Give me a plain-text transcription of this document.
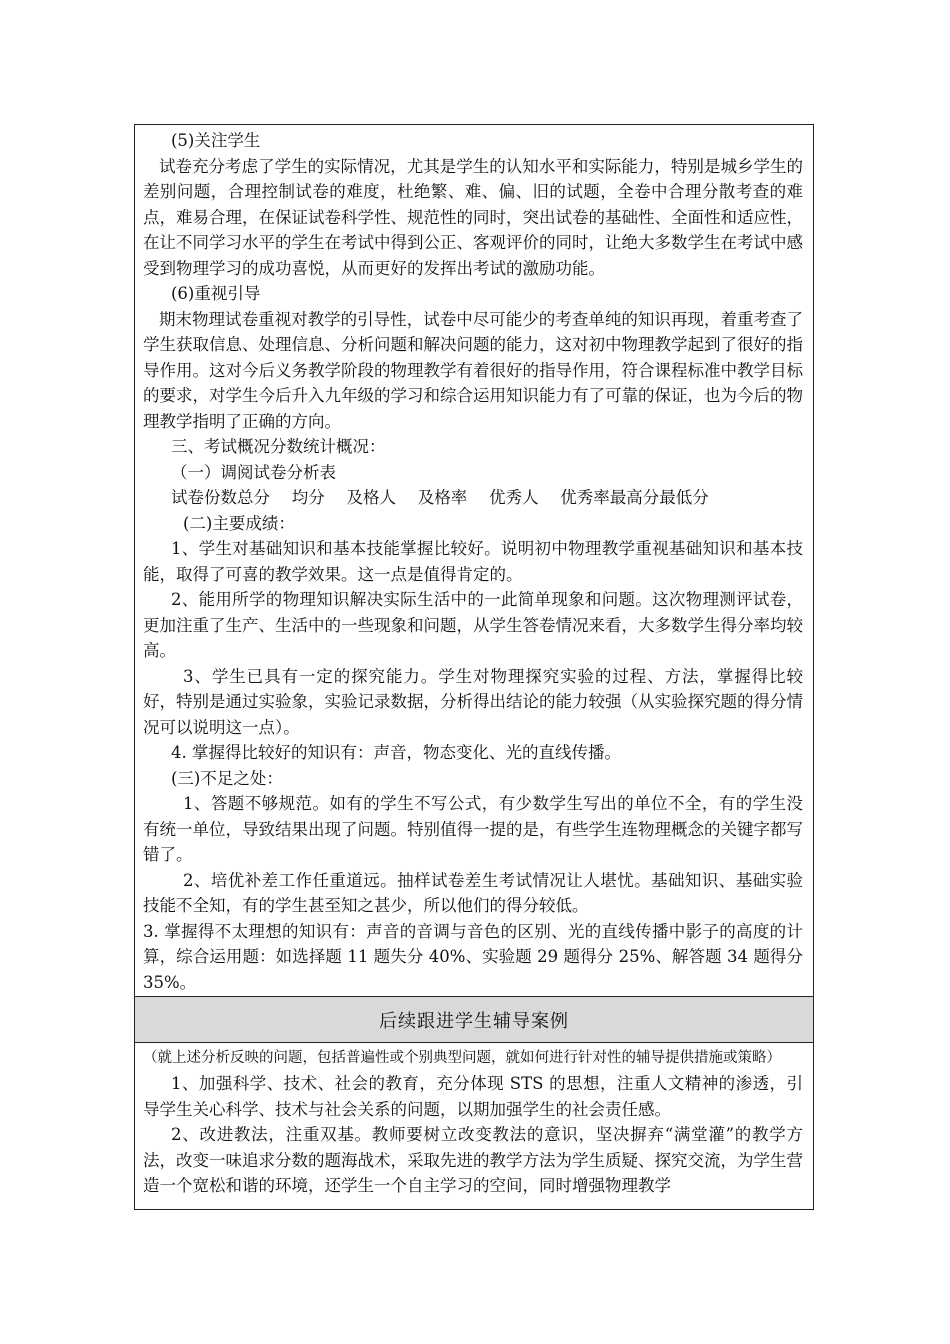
(5)关注学生

试卷充分考虑了学生的实际情况，尤其是学生的认知水平和实际能力，特别是城乡学生的差别问题，合理控制试卷的难度，杜绝繁、难、偏、旧的试题，全卷中合理分散考查的难点，难易合理，在保证试卷科学性、规范性的同时，突出试卷的基础性、全面性和适应性，在让不同学习水平的学生在考试中得到公正、客观评价的同时，让绝大多数学生在考试中感受到物理学习的成功喜悦，从而更好的发挥出考试的激励功能。

(6)重视引导

期末物理试卷重视对教学的引导性，试卷中尽可能少的考查单纯的知识再现，着重考查了学生获取信息、处理信息、分析问题和解决问题的能力，这对初中物理教学起到了很好的指导作用。这对今后义务教学阶段的物理教学有着很好的指导作用，符合课程标准中教学目标的要求，对学生今后升入九年级的学习和综合运用知识能力有了可靠的保证，也为今后的物理教学指明了正确的方向。

三、考试概况分数统计概况：

（一）调阅试卷分析表

试卷份数总分　 均分　 及格人　 及格率　 优秀人　 优秀率最高分最低分

(二)主要成绩：

1、学生对基础知识和基本技能掌握比较好。说明初中物理教学重视基础知识和基本技能，取得了可喜的教学效果。这一点是值得肯定的。

2、能用所学的物理知识解决实际生活中的一此简单现象和问题。这次物理测评试卷，更加注重了生产、生活中的一些现象和问题，从学生答卷情况来看，大多数学生得分率均较高。

3、学生已具有一定的探究能力。学生对物理探究实验的过程、方法，掌握得比较好，特别是通过实验象，实验记录数据，分析得出结论的能力较强（从实验探究题的得分情况可以说明这一点）。

4. 掌握得比较好的知识有：声音，物态变化、光的直线传播。

(三)不足之处：

1、答题不够规范。如有的学生不写公式，有少数学生写出的单位不全，有的学生没有统一单位，导致结果出现了问题。特别值得一提的是，有些学生连物理概念的关键字都写错了。

2、培优补差工作任重道远。抽样试卷差生考试情况让人堪忧。基础知识、基础实验技能不全知，有的学生甚至知之甚少，所以他们的得分较低。

3. 掌握得不太理想的知识有：声音的音调与音色的区别、光的直线传播中影子的高度的计算，综合运用题：如选择题 11 题失分 40%、实验题 29 题得分 25%、解答题 34 题得分 35%。

后续跟进学生辅导案例

（就上述分析反映的问题，包括普遍性或个别典型问题，就如何进行针对性的辅导提供措施或策略）

1、加强科学、技术、社会的教育，充分体现 STS 的思想，注重人文精神的渗透，引导学生关心科学、技术与社会关系的问题，以期加强学生的社会责任感。

2、改进教法，注重双基。教师要树立改变教法的意识，坚决摒弃“满堂灌”的教学方法，改变一味追求分数的题海战术，采取先进的教学方法为学生质疑、探究交流，为学生营造一个宽松和谐的环境，还学生一个自主学习的空间，同时增强物理教学
